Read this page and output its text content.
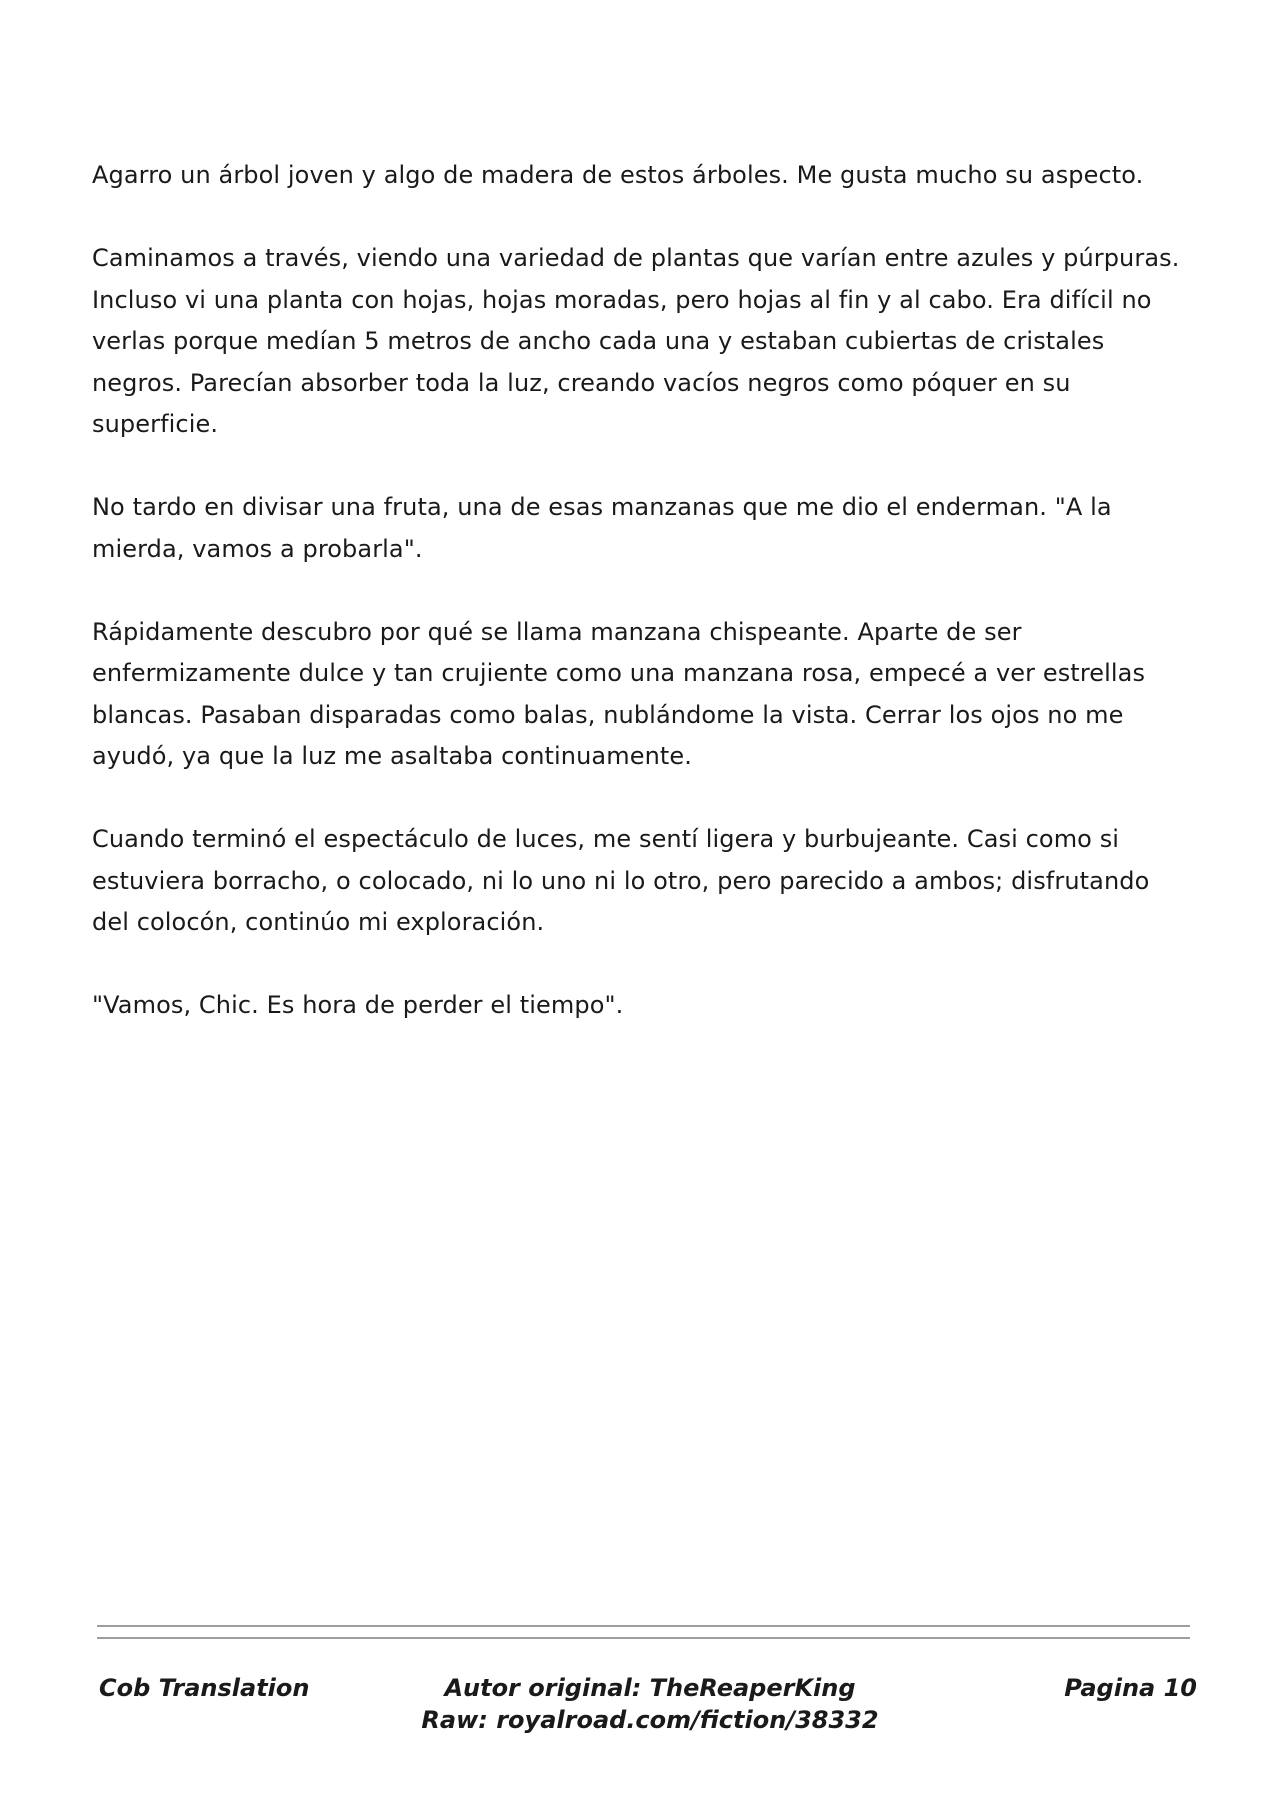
Agarro un árbol joven y algo de madera de estos árboles. Me gusta mucho su aspecto.

Caminamos a través, viendo una variedad de plantas que varían entre azules y púrpuras. Incluso vi una planta con hojas, hojas moradas, pero hojas al fin y al cabo. Era difícil no verlas porque medían 5 metros de ancho cada una y estaban cubiertas de cristales negros. Parecían absorber toda la luz, creando vacíos negros como póquer en su superficie.

No tardo en divisar una fruta, una de esas manzanas que me dio el enderman. "A la mierda, vamos a probarla".

Rápidamente descubro por qué se llama manzana chispeante. Aparte de ser enfermizamente dulce y tan crujiente como una manzana rosa, empecé a ver estrellas blancas. Pasaban disparadas como balas, nublándome la vista. Cerrar los ojos no me ayudó, ya que la luz me asaltaba continuamente.

Cuando terminó el espectáculo de luces, me sentí ligera y burbujeante. Casi como si estuviera borracho, o colocado, ni lo uno ni lo otro, pero parecido a ambos; disfrutando del colocón, continúo mi exploración.

"Vamos, Chic. Es hora de perder el tiempo".

Cob Translation	Autor original: TheReaperKing
Raw: royalroad.com/fiction/38332
Pagina 10
